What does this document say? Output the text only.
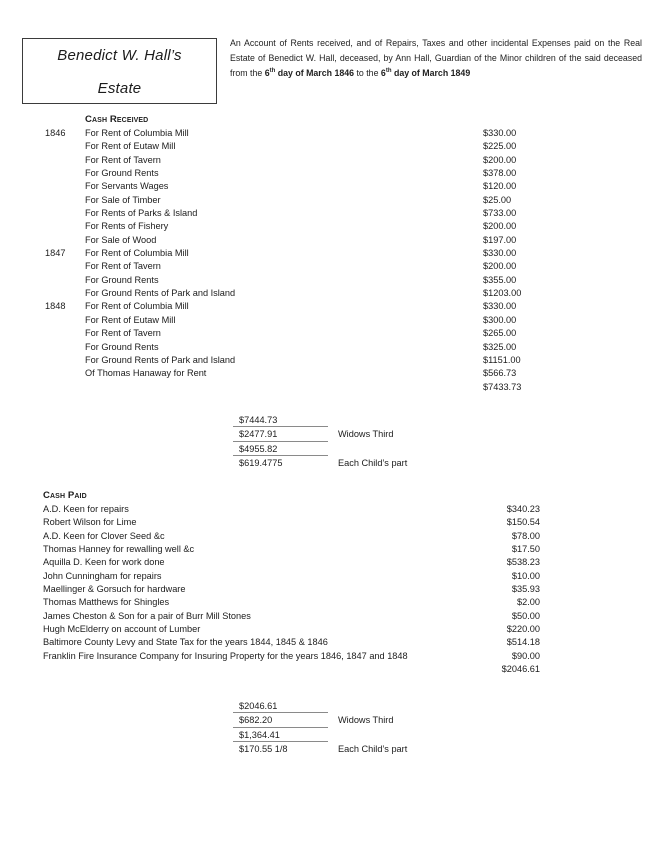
Benedict W. Hall’s
Estate

An Account of Rents received, and of Repairs, Taxes and other incidental Expenses paid on the Real Estate of Benedict W. Hall, deceased, by Ann Hall, Guardian of the Minor children of the said deceased from the 6th day of March 1846 to the 6th day of March 1849

Cash Received
1846	For Rent of Columbia Mill	$330.00
For Rent of Eutaw Mill	$225.00
For Rent of Tavern	$200.00
For Ground Rents	$378.00
For Servants Wages	$120.00
For Sale of Timber	$25.00
For Rents of Parks & Island	$733.00
For Rents of Fishery	$200.00
For Sale of Wood	$197.00
1847	For Rent of Columbia Mill	$330.00
For Rent of Tavern	$200.00
For Ground Rents	$355.00
For Ground Rents of Park and Island	$1203.00
1848	For Rent of Columbia Mill	$330.00
For Rent of Eutaw Mill	$300.00
For Rent of Tavern	$265.00
For Ground Rents	$325.00
For Ground Rents of Park and Island	$1151.00
Of Thomas Hanaway for Rent	$566.73
$7433.73
$7444.73
$2477.91	Widows Third
$4955.82
$619.4775	Each Child’s part
Cash Paid
A.D. Keen for repairs	$340.23
Robert Wilson for Lime	$150.54
A.D. Keen for Clover Seed &c	$78.00
Thomas Hanney for rewalling well &c	$17.50
Aquilla D. Keen for work done	$538.23
John Cunningham for repairs	$10.00
Maellinger & Gorsuch for hardware	$35.93
Thomas Matthews for Shingles	$2.00
James Cheston & Son for a pair of Burr Mill Stones	$50.00
Hugh McElderry on account of Lumber	$220.00
Baltimore County Levy and State Tax for the years 1844, 1845 & 1846	$514.18
Franklin Fire Insurance Company for Insuring Property for the years 1846, 1847 and 1848	$90.00
$2046.61
$2046.61
$682.20	Widows Third
$1,364.41
$170.55 1/8	Each Child’s part
